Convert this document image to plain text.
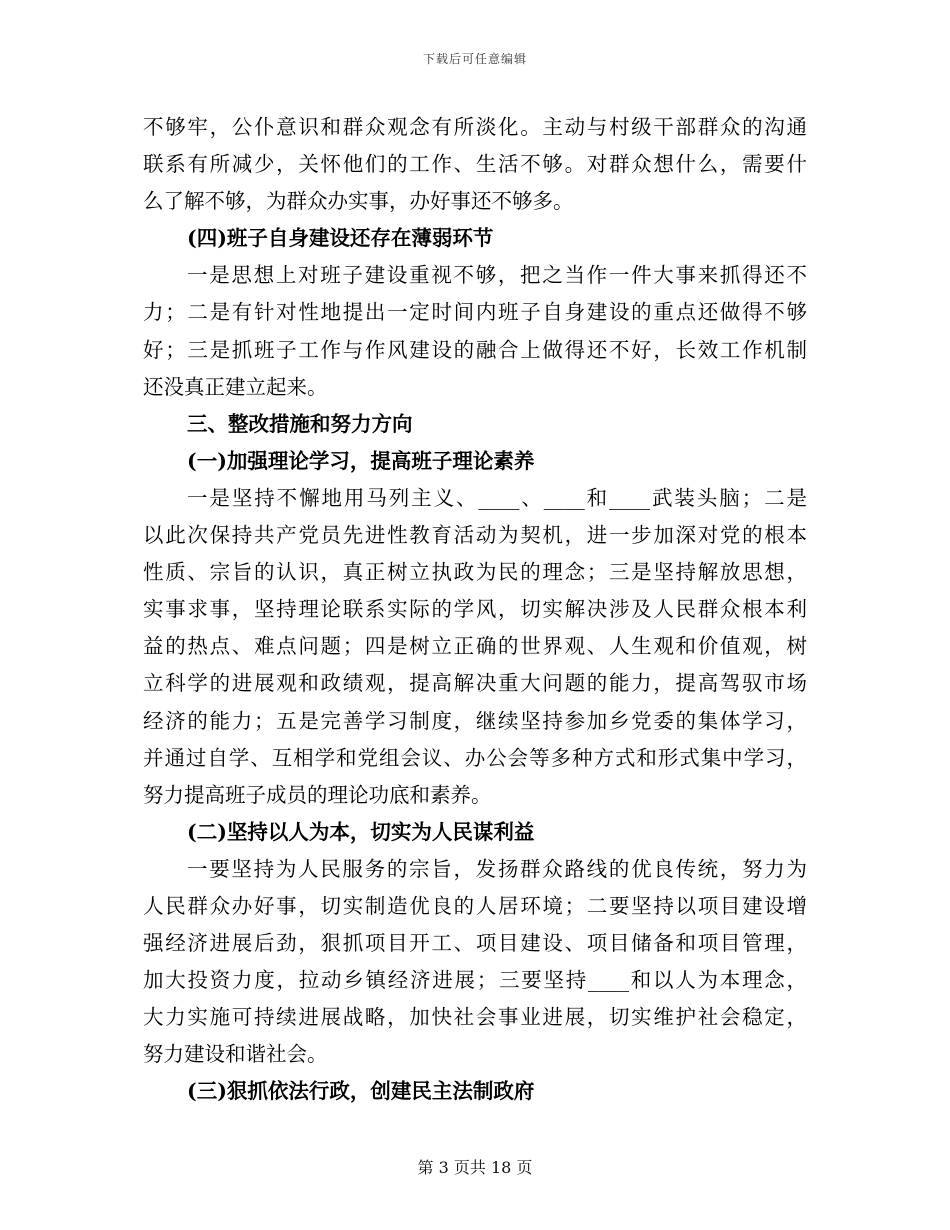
下载后可任意编辑
不够牢，公仆意识和群众观念有所淡化。主动与村级干部群众的沟通
联系有所减少，关怀他们的工作、生活不够。对群众想什么，需要什
么了解不够，为群众办实事，办好事还不够多。
(四)班子自身建设还存在薄弱环节
一是思想上对班子建设重视不够，把之当作一件大事来抓得还不
力；二是有针对性地提出一定时间内班子自身建设的重点还做得不够
好；三是抓班子工作与作风建设的融合上做得还不好，长效工作机制
还没真正建立起来。
三、整改措施和努力方向
(一)加强理论学习，提高班子理论素养
一是坚持不懈地用马列主义、____、____和____武装头脑；二是
以此次保持共产党员先进性教育活动为契机，进一步加深对党的根本
性质、宗旨的认识，真正树立执政为民的理念；三是坚持解放思想，
实事求事，坚持理论联系实际的学风，切实解决涉及人民群众根本利
益的热点、难点问题；四是树立正确的世界观、人生观和价值观，树
立科学的进展观和政绩观，提高解决重大问题的能力，提高驾驭市场
经济的能力；五是完善学习制度，继续坚持参加乡党委的集体学习，
并通过自学、互相学和党组会议、办公会等多种方式和形式集中学习，
努力提高班子成员的理论功底和素养。
(二)坚持以人为本，切实为人民谋利益
一要坚持为人民服务的宗旨，发扬群众路线的优良传统，努力为
人民群众办好事，切实制造优良的人居环境；二要坚持以项目建设增
强经济进展后劲，狠抓项目开工、项目建设、项目储备和项目管理，
加大投资力度，拉动乡镇经济进展；三要坚持____和以人为本理念，
大力实施可持续进展战略，加快社会事业进展，切实维护社会稳定，
努力建设和谐社会。
(三)狠抓依法行政，创建民主法制政府
第 3 页共 18 页
